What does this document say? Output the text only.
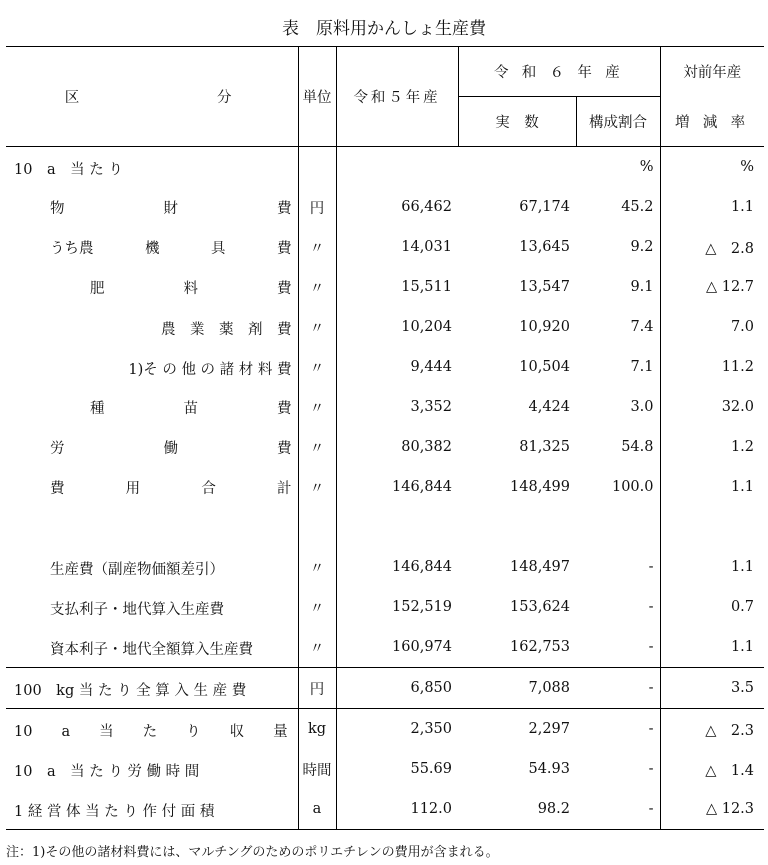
表　原料用かんしょ生産費
区　　　　　　分	単位	令和５年産	令 和 ６ 年 産		対前年産
			実　数	構成割合	増 減 率

10　a　当 た り				%	%

物 財 費	円	66,462	67,174	45.2	1.1

うち農 機 具 費	〃	14,031	13,645	9.2	△　2.8

肥 料 費	〃	15,511	13,547	9.1	△ 12.7

農　業　薬　剤　費	〃	10,204	10,920	7.4	7.0

1)そ の 他 の 諸 材 料 費	〃	9,444	10,504	7.1	11.2

種 苗 費	〃	3,352	4,424	3.0	32.0

労 働 費	〃	80,382	81,325	54.8	1.2

費 用 合 計	〃	146,844	148,499	100.0	1.1

生産費（副産物価額差引）	〃	146,844	148,497	-	1.1

支払利子・地代算入生産費	〃	152,519	153,624	-	0.7

資本利子・地代全額算入生産費	〃	160,974	162,753	-	1.1

100　kg 当 た り 全 算 入 生 産 費	円	6,850	7,088	-	3.5

10　　a　　当　　た　　り　　収　　量	kg	2,350	2,297	-	△　2.3

10　a　当 た り 労 働 時 間	時間	55.69	54.93	-	△　1.4

1 経 営 体 当 た り 作 付 面 積	a	112.0	98.2	-	△ 12.3
注：1)その他の諸材料費には、マルチングのためのポリエチレンの費用が含まれる。
